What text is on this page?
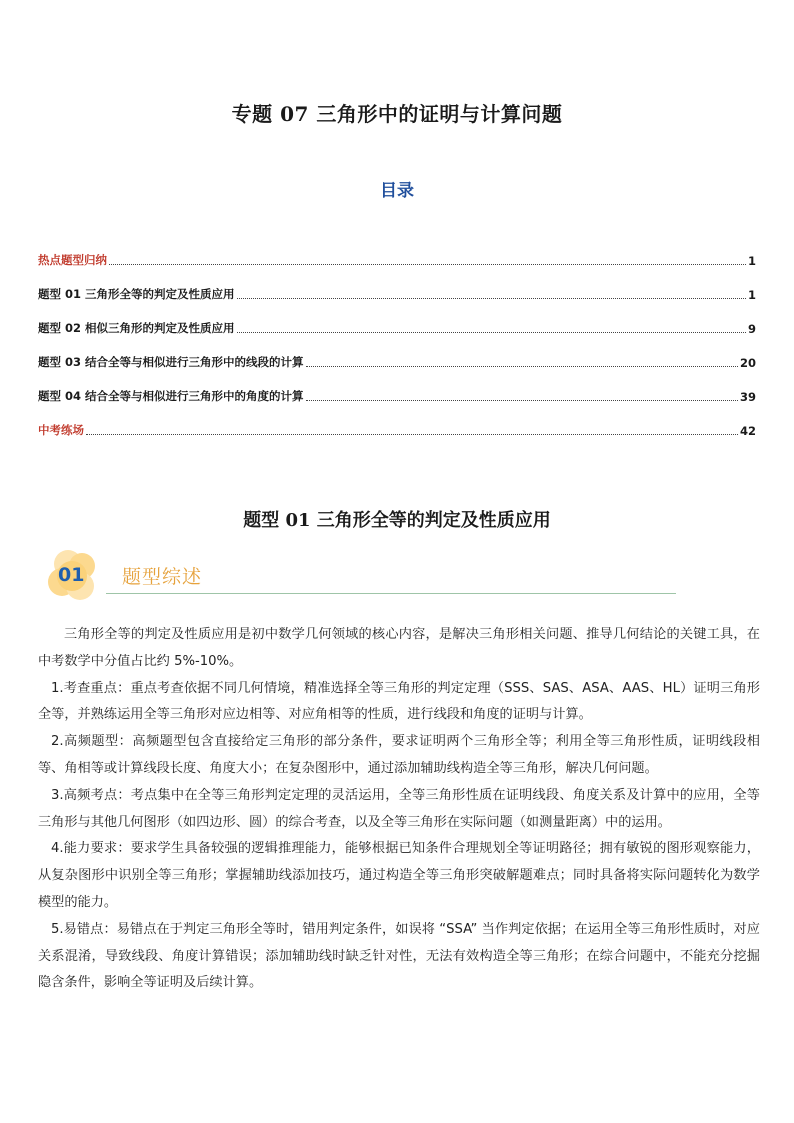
专题 07 三角形中的证明与计算问题
目录
热点题型归纳	1
题型 01 三角形全等的判定及性质应用	1
题型 02 相似三角形的判定及性质应用	9
题型 03 结合全等与相似进行三角形中的线段的计算	20
题型 04 结合全等与相似进行三角形中的角度的计算	39
中考练场	42
题型 01 三角形全等的判定及性质应用
01 题型综述

三角形全等的判定及性质应用是初中数学几何领域的核心内容，是解决三角形相关问题、推导几何结论的关键工具，在中考数学中分值占比约 5%-10%。

1.考查重点：重点考查依据不同几何情境，精准选择全等三角形的判定定理（SSS、SAS、ASA、AAS、HL）证明三角形全等，并熟练运用全等三角形对应边相等、对应角相等的性质，进行线段和角度的证明与计算。

2.高频题型：高频题型包含直接给定三角形的部分条件，要求证明两个三角形全等；利用全等三角形性质，证明线段相等、角相等或计算线段长度、角度大小；在复杂图形中，通过添加辅助线构造全等三角形，解决几何问题。

3.高频考点：考点集中在全等三角形判定定理的灵活运用，全等三角形性质在证明线段、角度关系及计算中的应用，全等三角形与其他几何图形（如四边形、圆）的综合考查，以及全等三角形在实际问题（如测量距离）中的运用。

4.能力要求：要求学生具备较强的逻辑推理能力，能够根据已知条件合理规划全等证明路径；拥有敏锐的图形观察能力，从复杂图形中识别全等三角形；掌握辅助线添加技巧，通过构造全等三角形突破解题难点；同时具备将实际问题转化为数学模型的能力。

5.易错点：易错点在于判定三角形全等时，错用判定条件，如误将 “SSA” 当作判定依据；在运用全等三角形性质时，对应关系混淆，导致线段、角度计算错误；添加辅助线时缺乏针对性，无法有效构造全等三角形；在综合问题中，不能充分挖掘隐含条件，影响全等证明及后续计算。
